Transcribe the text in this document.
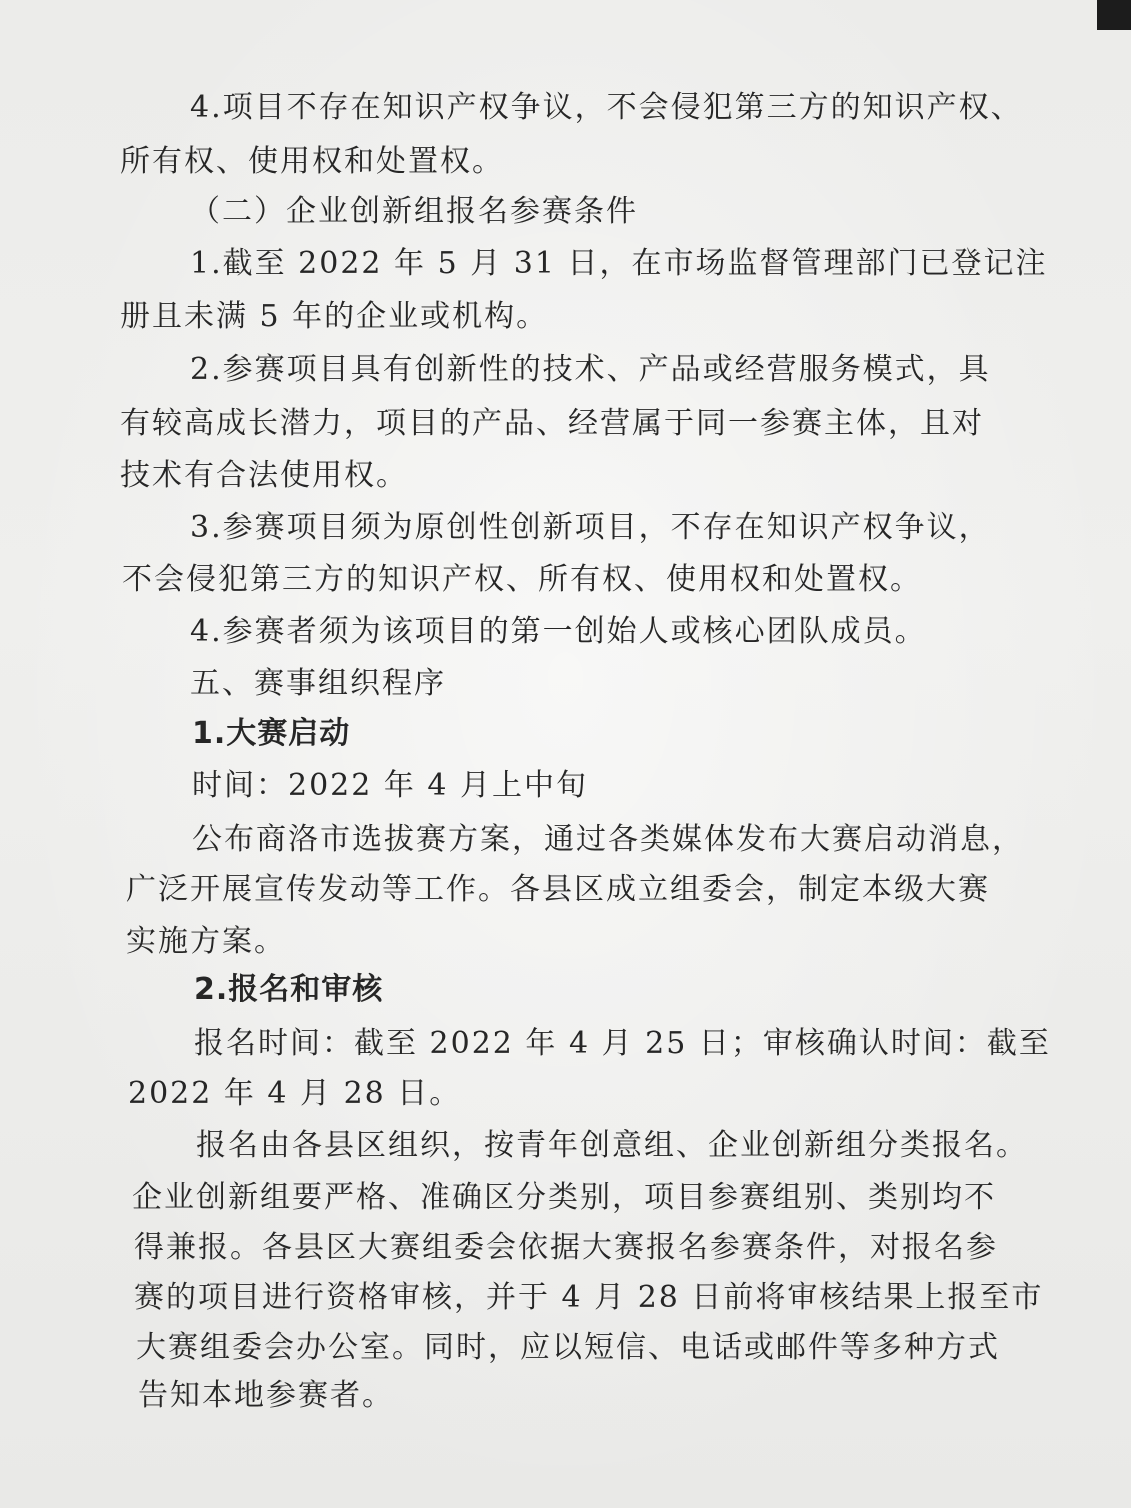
4.项目不存在知识产权争议，不会侵犯第三方的知识产权、

所有权、使用权和处置权。

（二）企业创新组报名参赛条件

1.截至 2022 年 5 月 31 日，在市场监督管理部门已登记注

册且未满 5 年的企业或机构。

2.参赛项目具有创新性的技术、产品或经营服务模式，具

有较高成长潜力，项目的产品、经营属于同一参赛主体，且对

技术有合法使用权。

3.参赛项目须为原创性创新项目，不存在知识产权争议，

不会侵犯第三方的知识产权、所有权、使用权和处置权。

4.参赛者须为该项目的第一创始人或核心团队成员。

五、赛事组织程序

1.大赛启动

时间：2022 年 4 月上中旬

公布商洛市选拔赛方案，通过各类媒体发布大赛启动消息，

广泛开展宣传发动等工作。各县区成立组委会，制定本级大赛

实施方案。

2.报名和审核

报名时间：截至 2022 年 4 月 25 日；审核确认时间：截至

2022 年 4 月 28 日。

报名由各县区组织，按青年创意组、企业创新组分类报名。

企业创新组要严格、准确区分类别，项目参赛组别、类别均不

得兼报。各县区大赛组委会依据大赛报名参赛条件，对报名参

赛的项目进行资格审核，并于 4 月 28 日前将审核结果上报至市

大赛组委会办公室。同时，应以短信、电话或邮件等多种方式

告知本地参赛者。
